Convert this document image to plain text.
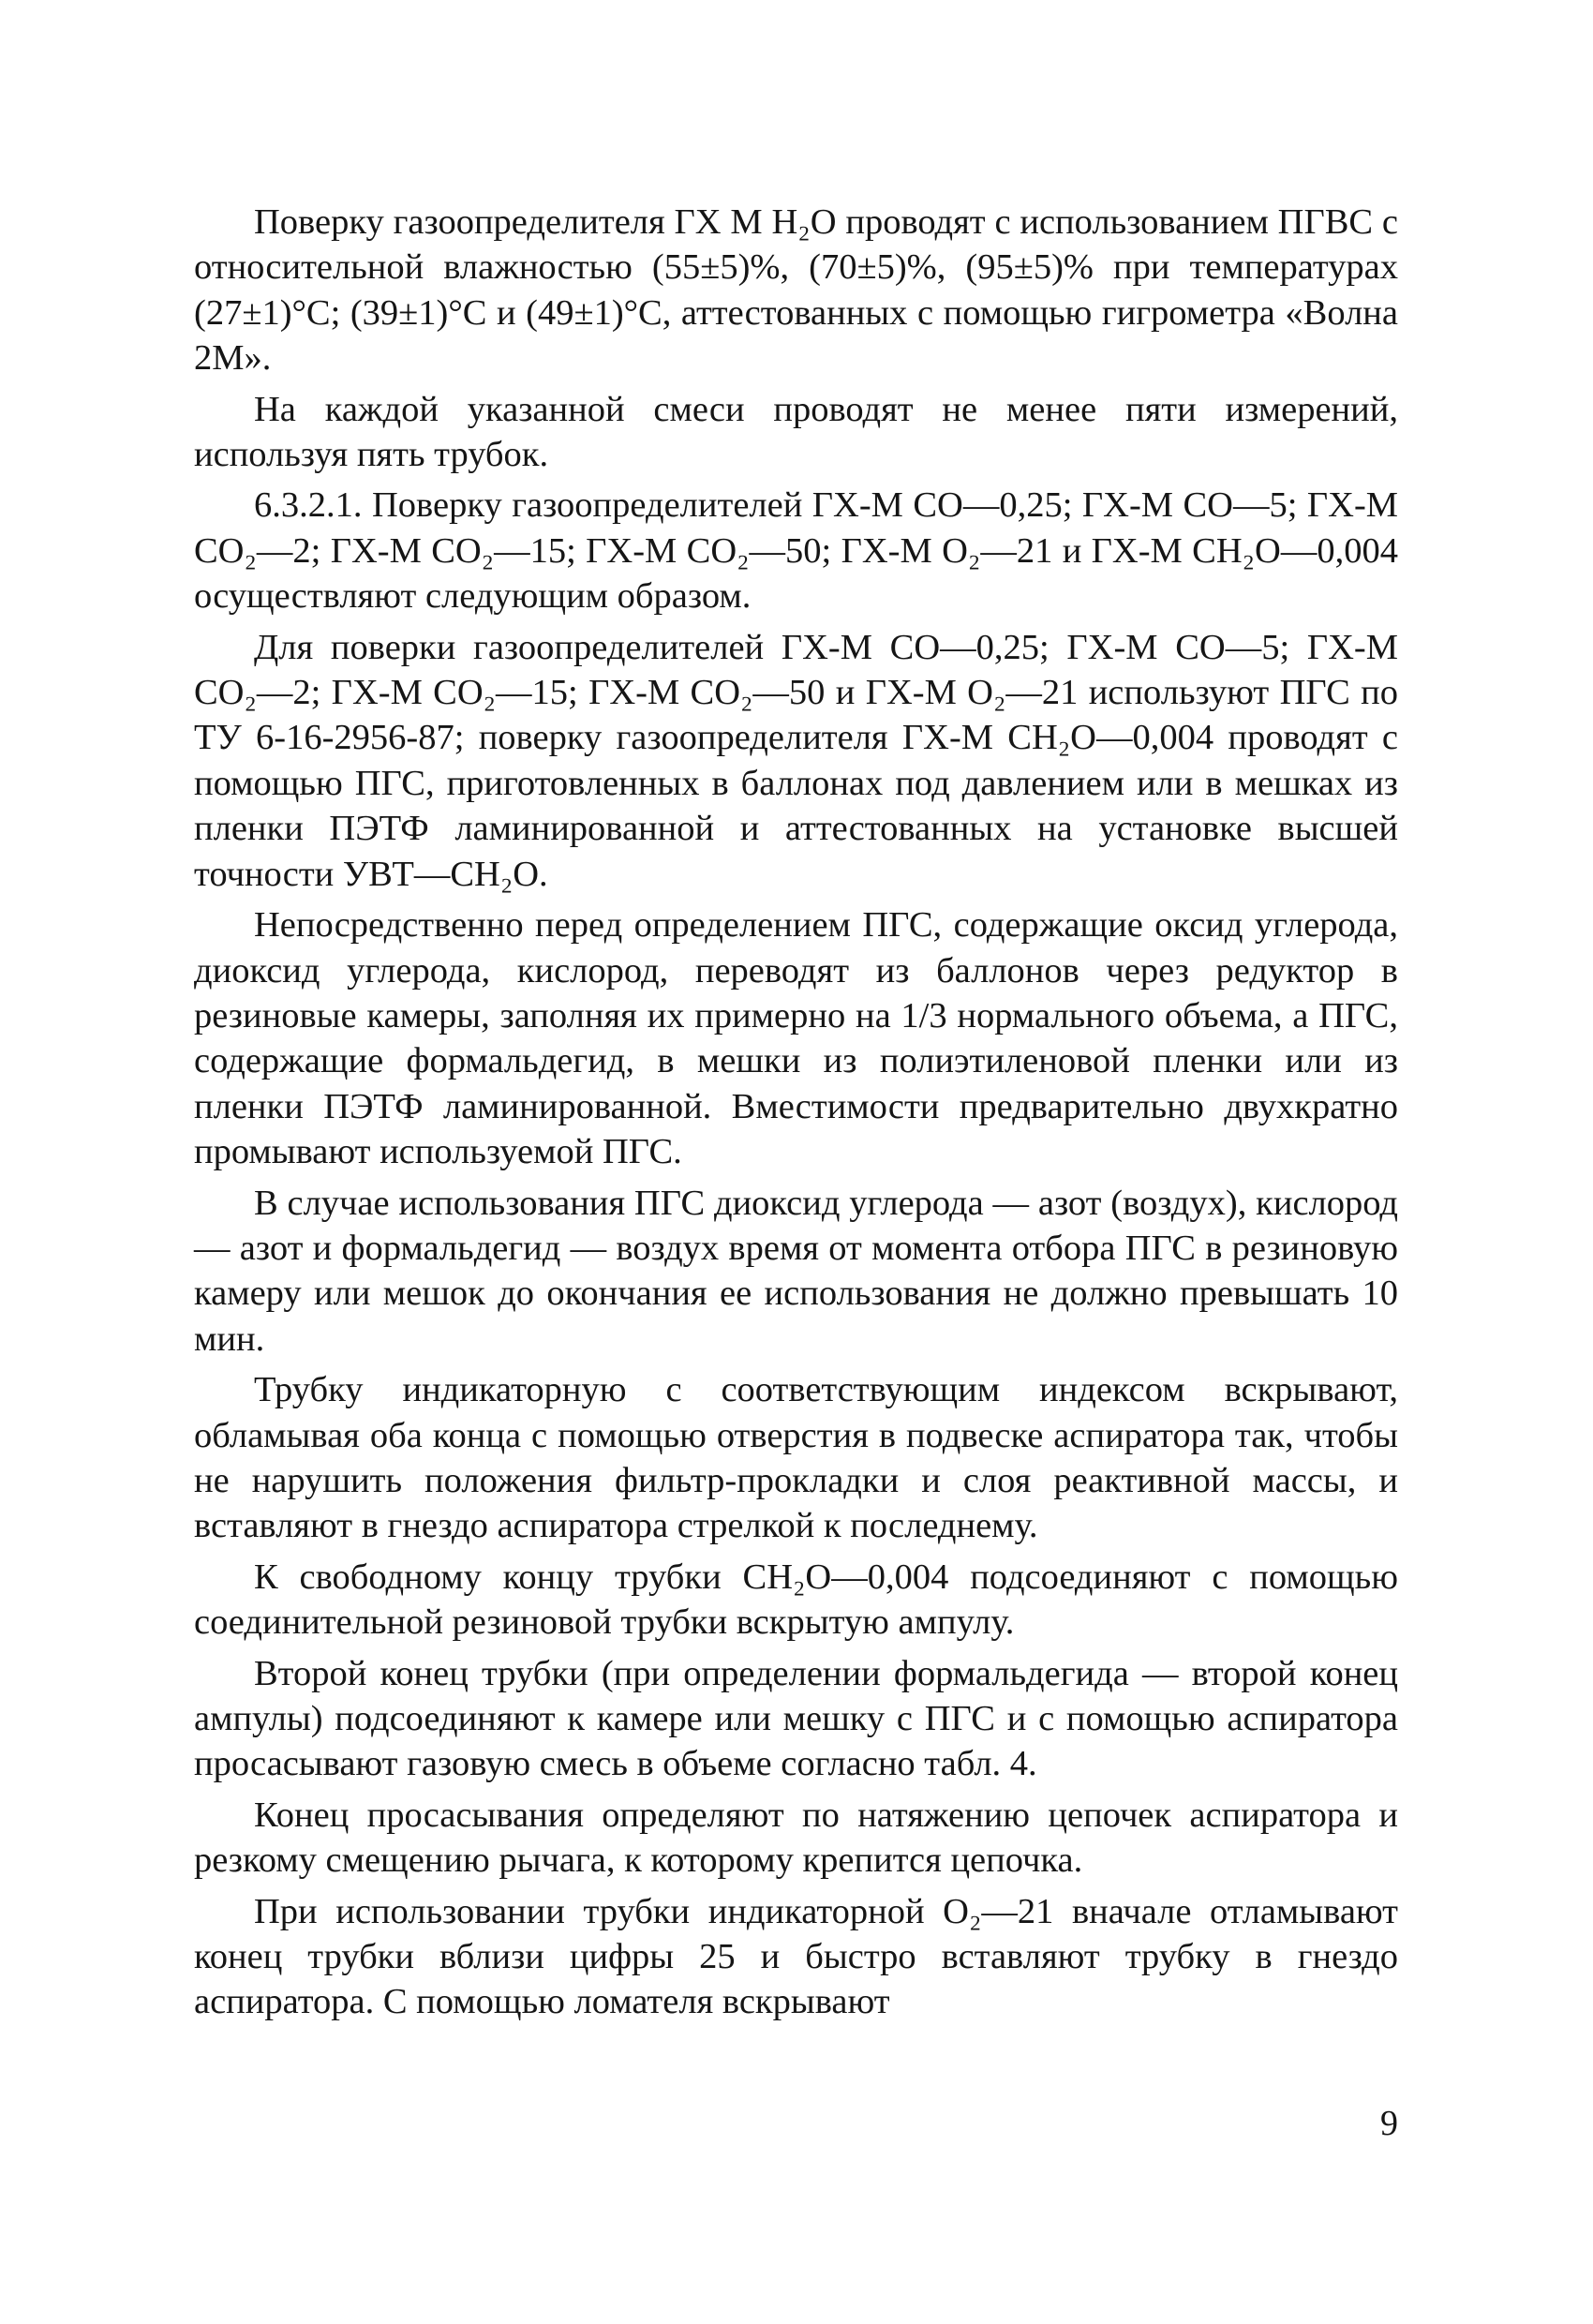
Поверку газоопределителя ГХ М Н₂О проводят с использованием ПГВС с относительной влажностью (55±5)%, (70±5)%, (95±5)% при температурах (27±1)°С; (39±1)°С и (49±1)°С, аттестованных с помощью гигрометра «Волна 2М».

На каждой указанной смеси проводят не менее пяти измерений, используя пять трубок.

6.3.2.1. Поверку газоопределителей ГХ-М СО—0,25; ГХ-М СО—5; ГХ-М СО₂—2; ГХ-М СО₂—15; ГХ-М СО₂—50; ГХ-М О₂—21 и ГХ-М СН₂О—0,004 осуществляют следующим образом.

Для поверки газоопределителей ГХ-М СО—0,25; ГХ-М СО—5; ГХ-М СО₂—2; ГХ-М СО₂—15; ГХ-М СО₂—50 и ГХ-М О₂—21 используют ПГС по ТУ 6-16-2956-87; поверку газоопределителя ГХ-М СН₂О—0,004 проводят с помощью ПГС, приготовленных в баллонах под давлением или в мешках из пленки ПЭТФ ламинированной и аттестованных на установке высшей точности УВТ—СН₂О.

Непосредственно перед определением ПГС, содержащие оксид углерода, диоксид углерода, кислород, переводят из баллонов через редуктор в резиновые камеры, заполняя их примерно на 1/3 нормального объема, а ПГС, содержащие формальдегид, в мешки из полиэтиленовой пленки или из пленки ПЭТФ ламинированной. Вместимости предварительно двухкратно промывают используемой ПГС.

В случае использования ПГС диоксид углерода — азот (воздух), кислород — азот и формальдегид — воздух время от момента отбора ПГС в резиновую камеру или мешок до окончания ее использования не должно превышать 10 мин.

Трубку индикаторную с соответствующим индексом вскрывают, обламывая оба конца с помощью отверстия в подвеске аспиратора так, чтобы не нарушить положения фильтр-прокладки и слоя реактивной массы, и вставляют в гнездо аспиратора стрелкой к последнему.

К свободному концу трубки СН₂О—0,004 подсоединяют с помощью соединительной резиновой трубки вскрытую ампулу.

Второй конец трубки (при определении формальдегида — второй конец ампулы) подсоединяют к камере или мешку с ПГС и с помощью аспиратора просасывают газовую смесь в объеме согласно табл. 4.

Конец просасывания определяют по натяжению цепочек аспиратора и резкому смещению рычага, к которому крепится цепочка.

При использовании трубки индикаторной О₂—21 вначале отламывают конец трубки вблизи цифры 25 и быстро вставляют трубку в гнездо аспиратора. С помощью ломателя вскрывают

9
